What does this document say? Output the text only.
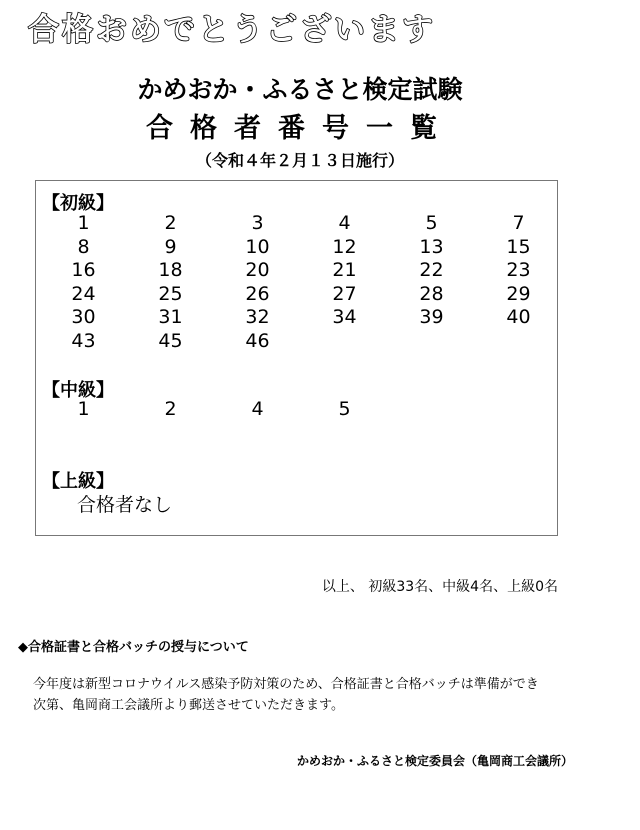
合格おめでとうございます
かめおか・ふるさと検定試験
合格者番号一覧
（令和４年２月１３日施行）
【初級】
1	2	3	4	5	7
8	9	10	12	13	15
16	18	20	21	22	23
24	25	26	27	28	29
30	31	32	34	39	40
43	45	46
【中級】
1	2	4	5
【上級】
合格者なし
以上、 初級33名、中級4名、上級0名
◆合格証書と合格バッチの授与について

今年度は新型コロナウイルス感染予防対策のため、合格証書と合格バッチは準備ができ

次第、亀岡商工会議所より郵送させていただきます。

かめおか・ふるさと検定委員会（亀岡商工会議所）
